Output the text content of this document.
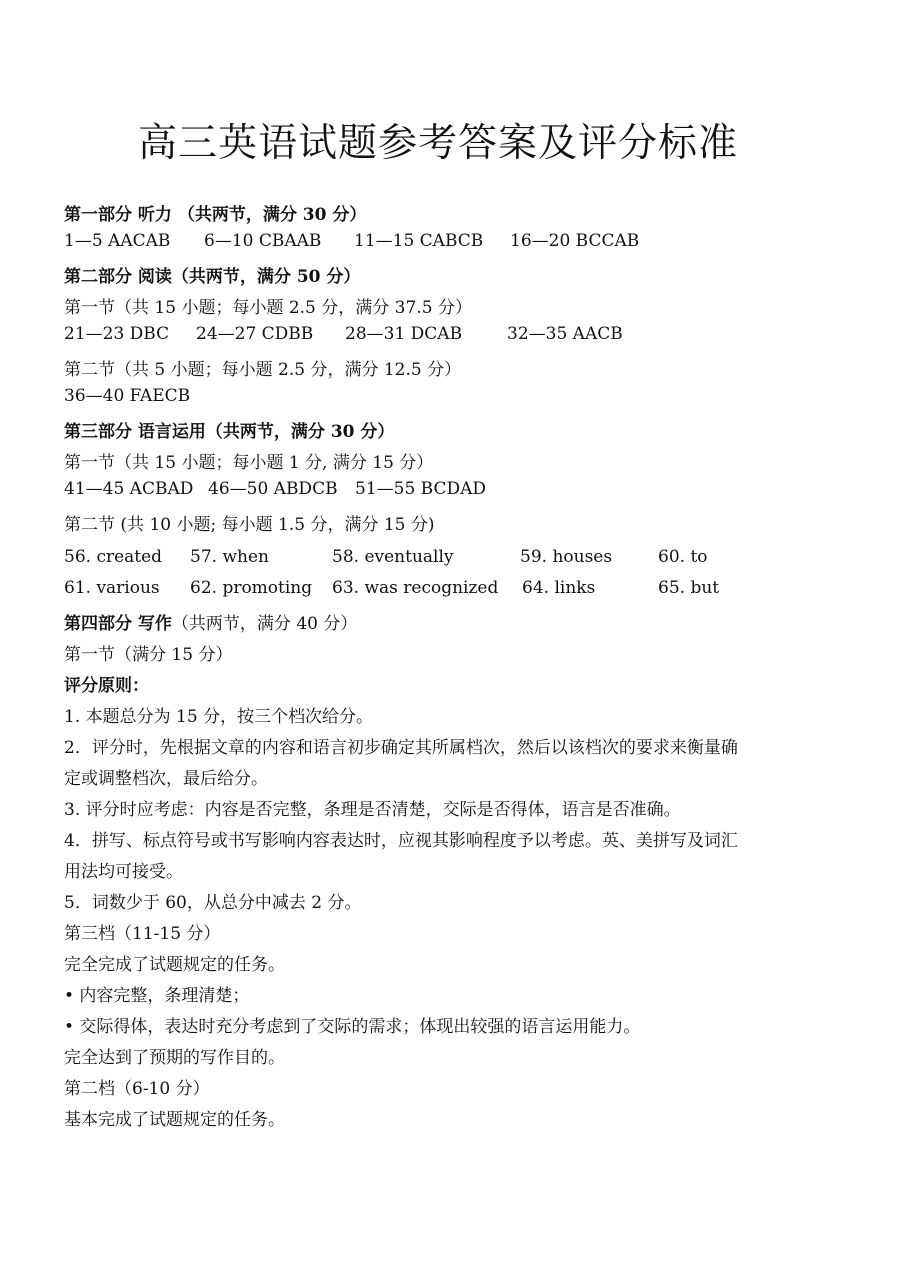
高三英语试题参考答案及评分标准
第一部分 听力 （共两节，满分 30 分）
1—5 AACAB 6—10 CBAAB 11—15 CABCB 16—20 BCCAB
第二部分 阅读（共两节，满分 50 分）
第一节（共 15 小题；每小题 2.5 分，满分 37.5 分）
21—23 DBC 24—27 CDBB 28—31 DCAB	32—35 AACB
第二节（共 5 小题；每小题 2.5 分，满分 12.5 分）
36—40 FAECB
第三部分 语言运用（共两节，满分 30 分）
第一节（共 15 小题；每小题 1 分, 满分 15 分）
41—45 ACBAD 46—50 ABDCB 51—55 BCDAD
第二节 (共 10 小题; 每小题 1.5 分，满分 15 分)
56. created 57. when	58. eventually	59. houses	60. to
61. various 62. promoting 63. was recognized 64. links	65. but
第四部分 写作（共两节，满分 40 分）
第一节（满分 15 分）
评分原则：
1. 本题总分为 15 分，按三个档次给分。
2．评分时，先根据文章的内容和语言初步确定其所属档次，然后以该档次的要求来衡量确
定或调整档次，最后给分。
3. 评分时应考虑：内容是否完整，条理是否清楚，交际是否得体，语言是否准确。
4．拼写、标点符号或书写影响内容表达时，应视其影响程度予以考虑。英、美拼写及词汇
用法均可接受。
5．词数少于 60，从总分中减去 2 分。
第三档（11-15 分）
完全完成了试题规定的任务。
• 内容完整，条理清楚；
• 交际得体，表达时充分考虑到了交际的需求；体现出较强的语言运用能力。
完全达到了预期的写作目的。
第二档（6-10 分）
基本完成了试题规定的任务。
